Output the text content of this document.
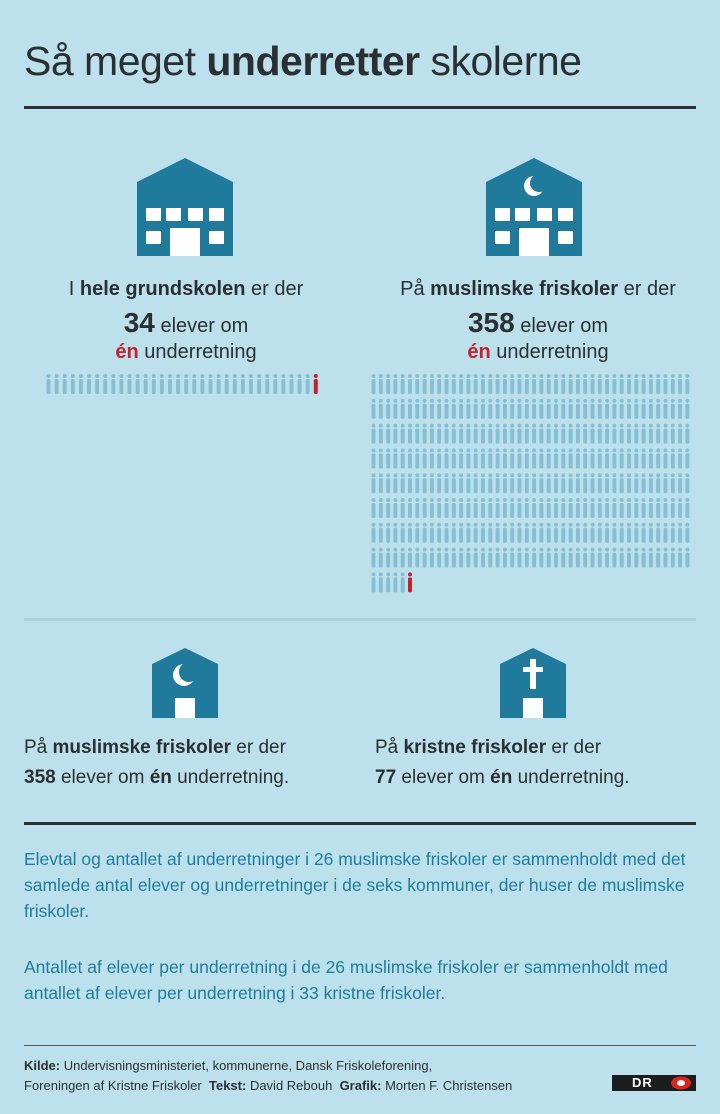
Så meget underretter skolerne
I hele grundskolen er der
34 elever om
én underretning
På muslimske friskoler er der
358 elever om
én underretning
På muslimske friskoler er der
358 elever om én underretning.
På kristne friskoler er der
77 elever om én underretning.
Elevtal og antallet af underretninger i 26 muslimske friskoler er sammenholdt med det samlede antal elever og underretninger i de seks kommuner, der huser de muslimske friskoler.
Antallet af elever per underretning i de 26 muslimske friskoler er sammenholdt med antallet af elever per underretning i 33 kristne friskoler.
Kilde: Undervisningsministeriet, kommunerne, Dansk Friskoleforening,
Foreningen af Kristne Friskoler Tekst: David Rebouh Grafik: Morten F. Christensen	DR
